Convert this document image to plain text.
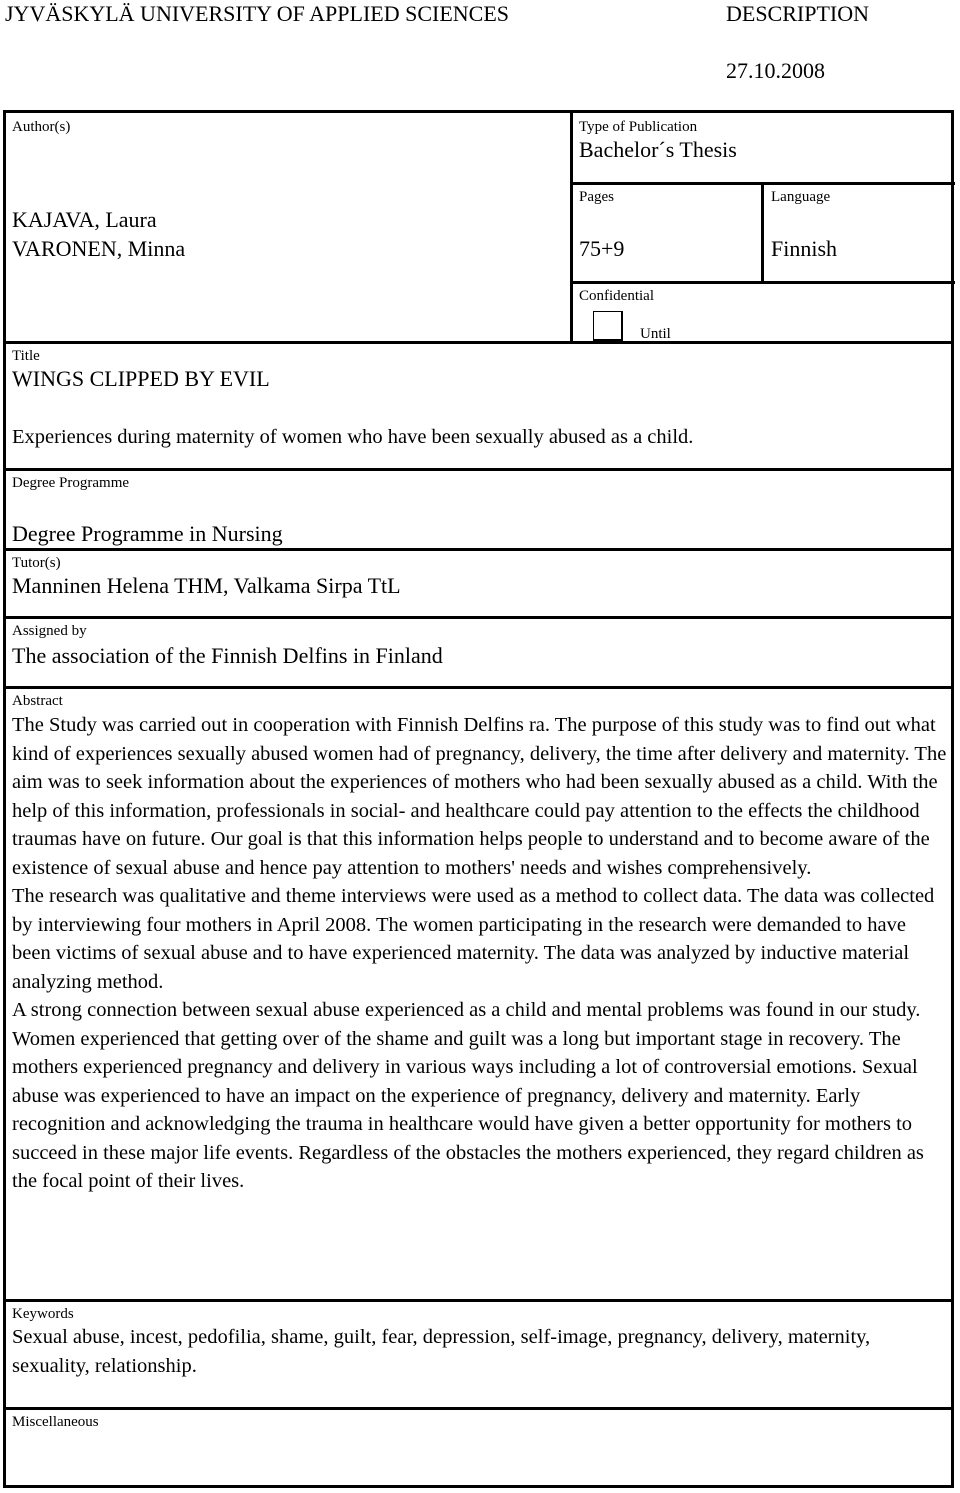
JYVÄSKYLÄ UNIVERSITY OF APPLIED SCIENCES	DESCRIPTION
27.10.2008
Author(s)
KAJAVA, Laura
VARONEN, Minna
Type of Publication
Bachelor´s Thesis
Pages
75+9
Language
Finnish
Confidential
Until
Title
WINGS CLIPPED BY EVIL
Experiences during maternity of women who have been sexually abused as a child.
Degree Programme
Degree Programme in Nursing
Tutor(s)
Manninen Helena THM, Valkama Sirpa TtL
Assigned by
The association of the Finnish Delfins in Finland
Abstract

The Study was carried out in cooperation with Finnish Delfins ra. The purpose of this study was to find out what kind of experiences sexually abused women had of pregnancy, delivery, the time after delivery and maternity. The aim was to seek information about the experiences of mothers who had been sexually abused as a child. With the help of this information, professionals in social- and healthcare could pay attention to the effects the childhood traumas have on future. Our goal is that this information helps people to understand and to become aware of the existence of sexual abuse and hence pay attention to mothers' needs and wishes comprehensively.

The research was qualitative and theme interviews were used as a method to collect data. The data was collected by interviewing four mothers in April 2008. The women participating in the research were demanded to have been victims of sexual abuse and to have experienced maternity. The data was analyzed by inductive material analyzing method.

A strong connection between sexual abuse experienced as a child and mental problems was found in our study. Women experienced that getting over of the shame and guilt was a long but important stage in recovery. The mothers experienced pregnancy and delivery in various ways including a lot of controversial emotions. Sexual abuse was experienced to have an impact on the experience of pregnancy, delivery and maternity. Early recognition and acknowledging the trauma in healthcare would have given a better opportunity for mothers to succeed in these major life events. Regardless of the obstacles the mothers experienced, they regard children as the focal point of their lives.

Keywords
Sexual abuse, incest, pedofilia, shame, guilt, fear, depression, self-image, pregnancy, delivery, maternity, sexuality, relationship.
Miscellaneous
